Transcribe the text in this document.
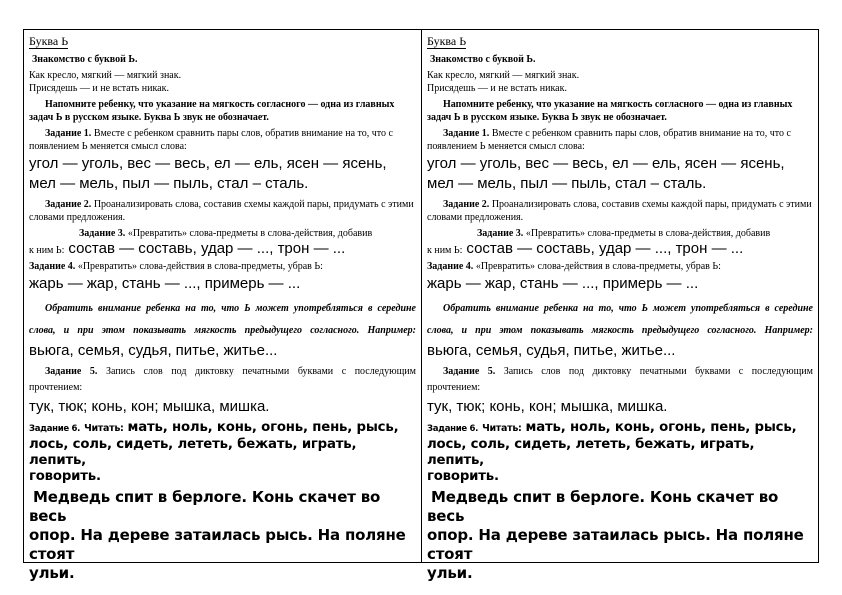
Буква Ь

Знакомство с буквой Ь.

Как кресло, мягкий — мягкий знак.

Присядешь — и не встать никак.

Напомните ребенку, что указание на мягкость согласного — одна из главных задач Ь в русском языке. Буква Ь звук не обозначает.

Задание 1. Вместе с ребенком сравнить пары слов, обратив внимание на то, что с появлением Ь меняется смысл слова:

угол — уголь, вес — весь, ел — ель, ясен — ясень,

мел — мель, пыл — пыль, стал – сталь.

Задание 2. Проанализировать слова, составив схемы каждой пары, придумать с этими словами предложения.

Задание 3. «Превратить» слова-предметы в слова-действия, добавив

к ним Ь: состав — составь, удар — ..., трон — ...

Задание 4. «Превратить» слова-действия в слова-предметы, убрав Ь:

жарь — жар, стань — ..., примерь — ...

Обратить внимание ребенка на то, что Ь может употребляться в середине слова, и при этом показывать мягкость предыдущего согласного. Например: вьюга, семья, судья, питье, житье...

Задание 5. Запись слов под диктовку печатными буквами с последующим прочтением:

тук, тюк; конь, кон; мышка, мишка.

Задание 6. Читать: мать, ноль, конь, огонь, пень, рысь,

лось, соль, сидеть, лететь, бежать, играть, лепить,

говорить.

Медведь спит в берлоге. Конь скачет во весь

опор. На дереве затаилась рысь. На поляне стоят

ульи.

Буква Ь

Знакомство с буквой Ь.

Как кресло, мягкий — мягкий знак.

Присядешь — и не встать никак.

Напомните ребенку, что указание на мягкость согласного — одна из главных задач Ь в русском языке. Буква Ь звук не обозначает.

Задание 1. Вместе с ребенком сравнить пары слов, обратив внимание на то, что с появлением Ь меняется смысл слова:

угол — уголь, вес — весь, ел — ель, ясен — ясень,

мел — мель, пыл — пыль, стал – сталь.

Задание 2. Проанализировать слова, составив схемы каждой пары, придумать с этими словами предложения.

Задание 3. «Превратить» слова-предметы в слова-действия, добавив

к ним Ь: состав — составь, удар — ..., трон — ...

Задание 4. «Превратить» слова-действия в слова-предметы, убрав Ь:

жарь — жар, стань — ..., примерь — ...

Обратить внимание ребенка на то, что Ь может употребляться в середине слова, и при этом показывать мягкость предыдущего согласного. Например: вьюга, семья, судья, питье, житье...

Задание 5. Запись слов под диктовку печатными буквами с последующим прочтением:

тук, тюк; конь, кон; мышка, мишка.

Задание 6. Читать: мать, ноль, конь, огонь, пень, рысь,

лось, соль, сидеть, лететь, бежать, играть, лепить,

говорить.

Медведь спит в берлоге. Конь скачет во весь

опор. На дереве затаилась рысь. На поляне стоят

ульи.
